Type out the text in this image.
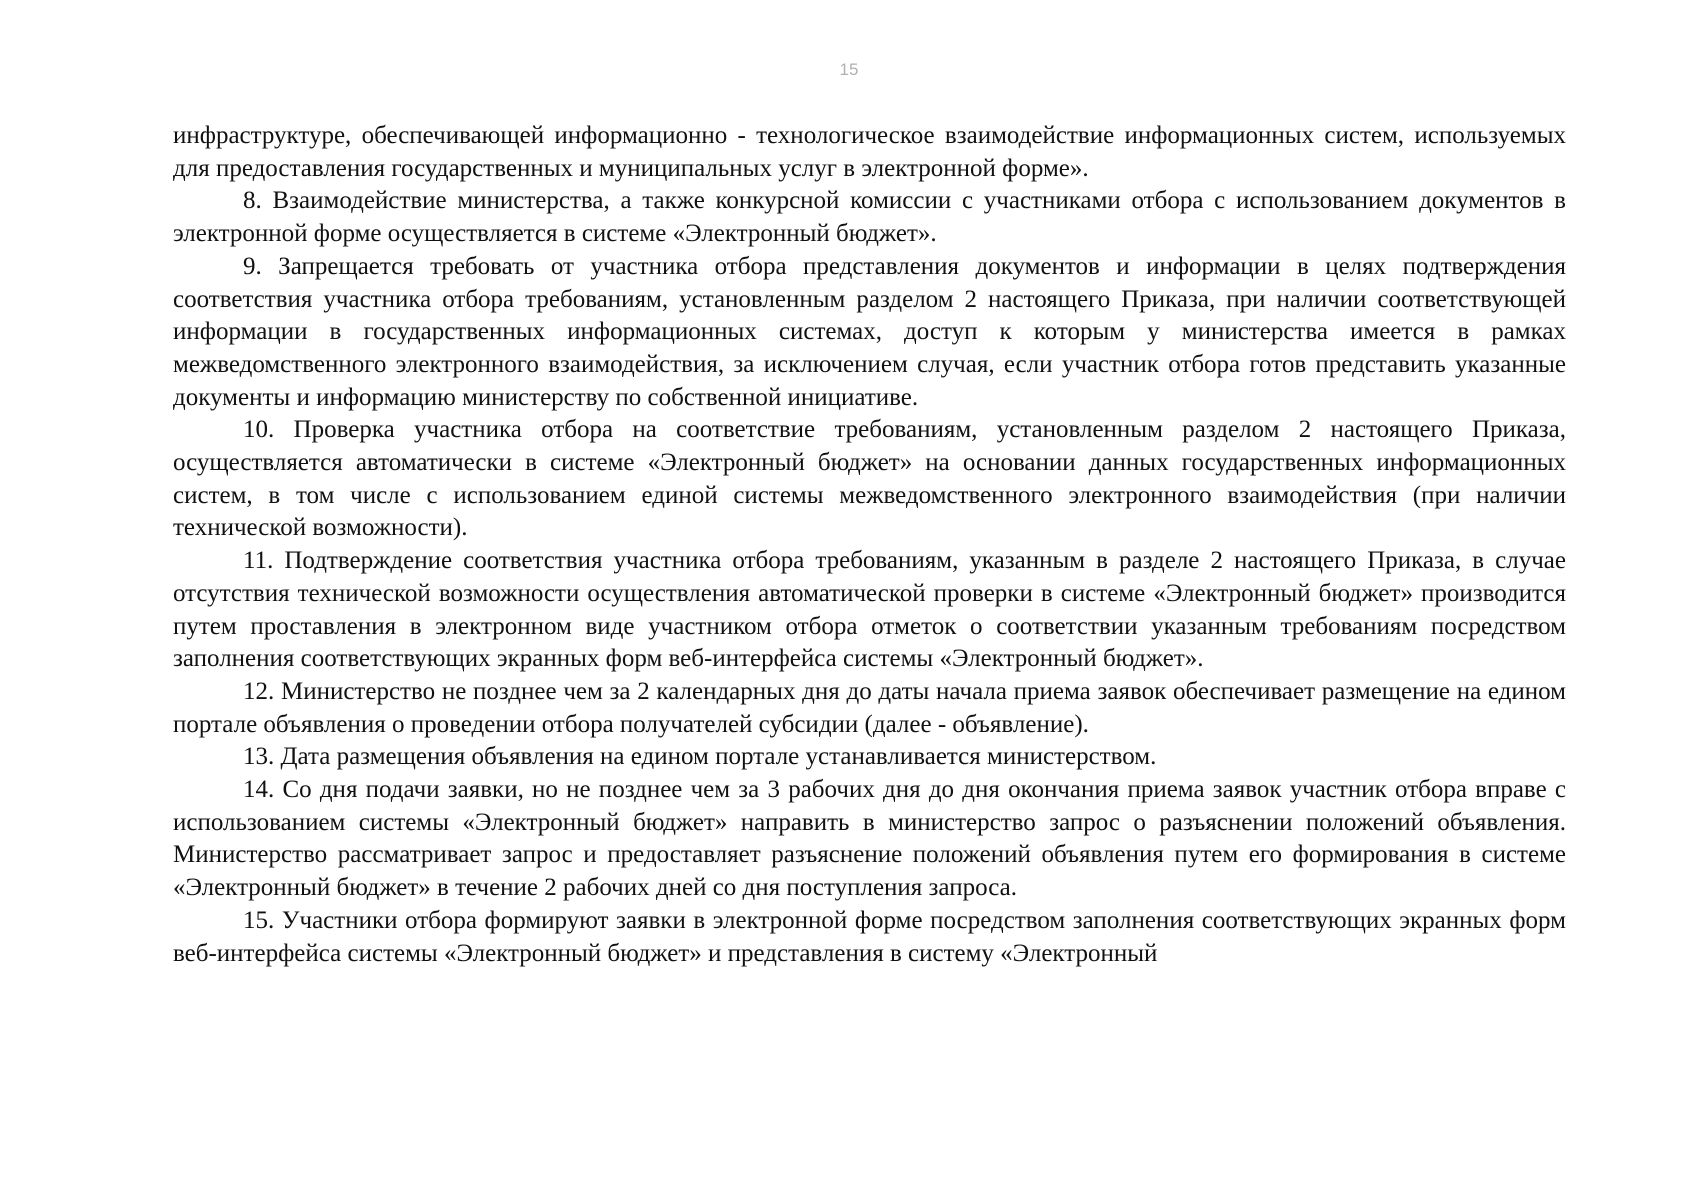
15

инфраструктуре, обеспечивающей информационно - технологическое взаимодействие информационных систем, используемых для предоставления государственных и муниципальных услуг в электронной форме».

8. Взаимодействие министерства, а также конкурсной комиссии с участниками отбора с использованием документов в электронной форме осуществляется в системе «Электронный бюджет».

9. Запрещается требовать от участника отбора представления документов и информации в целях подтверждения соответствия участника отбора требованиям, установленным разделом 2 настоящего Приказа, при наличии соответствующей информации в государственных информационных системах, доступ к которым у министерства имеется в рамках межведомственного электронного взаимодействия, за исключением случая, если участник отбора готов представить указанные документы и информацию министерству по собственной инициативе.

10. Проверка участника отбора на соответствие требованиям, установленным разделом 2 настоящего Приказа, осуществляется автоматически в системе «Электронный бюджет» на основании данных государственных информационных систем, в том числе с использованием единой системы межведомственного электронного взаимодействия (при наличии технической возможности).

11. Подтверждение соответствия участника отбора требованиям, указанным в разделе 2 настоящего Приказа, в случае отсутствия технической возможности осуществления автоматической проверки в системе «Электронный бюджет» производится путем проставления в электронном виде участником отбора отметок о соответствии указанным требованиям посредством заполнения соответствующих экранных форм веб-интерфейса системы «Электронный бюджет».

12. Министерство не позднее чем за 2 календарных дня до даты начала приема заявок обеспечивает размещение на едином портале объявления о проведении отбора получателей субсидии (далее - объявление).

13. Дата размещения объявления на едином портале устанавливается министерством.

14. Со дня подачи заявки, но не позднее чем за 3 рабочих дня до дня окончания приема заявок участник отбора вправе с использованием системы «Электронный бюджет» направить в министерство запрос о разъяснении положений объявления. Министерство рассматривает запрос и предоставляет разъяснение положений объявления путем его формирования в системе «Электронный бюджет» в течение 2 рабочих дней со дня поступления запроса.

15. Участники отбора формируют заявки в электронной форме посредством заполнения соответствующих экранных форм веб-интерфейса системы «Электронный бюджет» и представления в систему «Электронный
